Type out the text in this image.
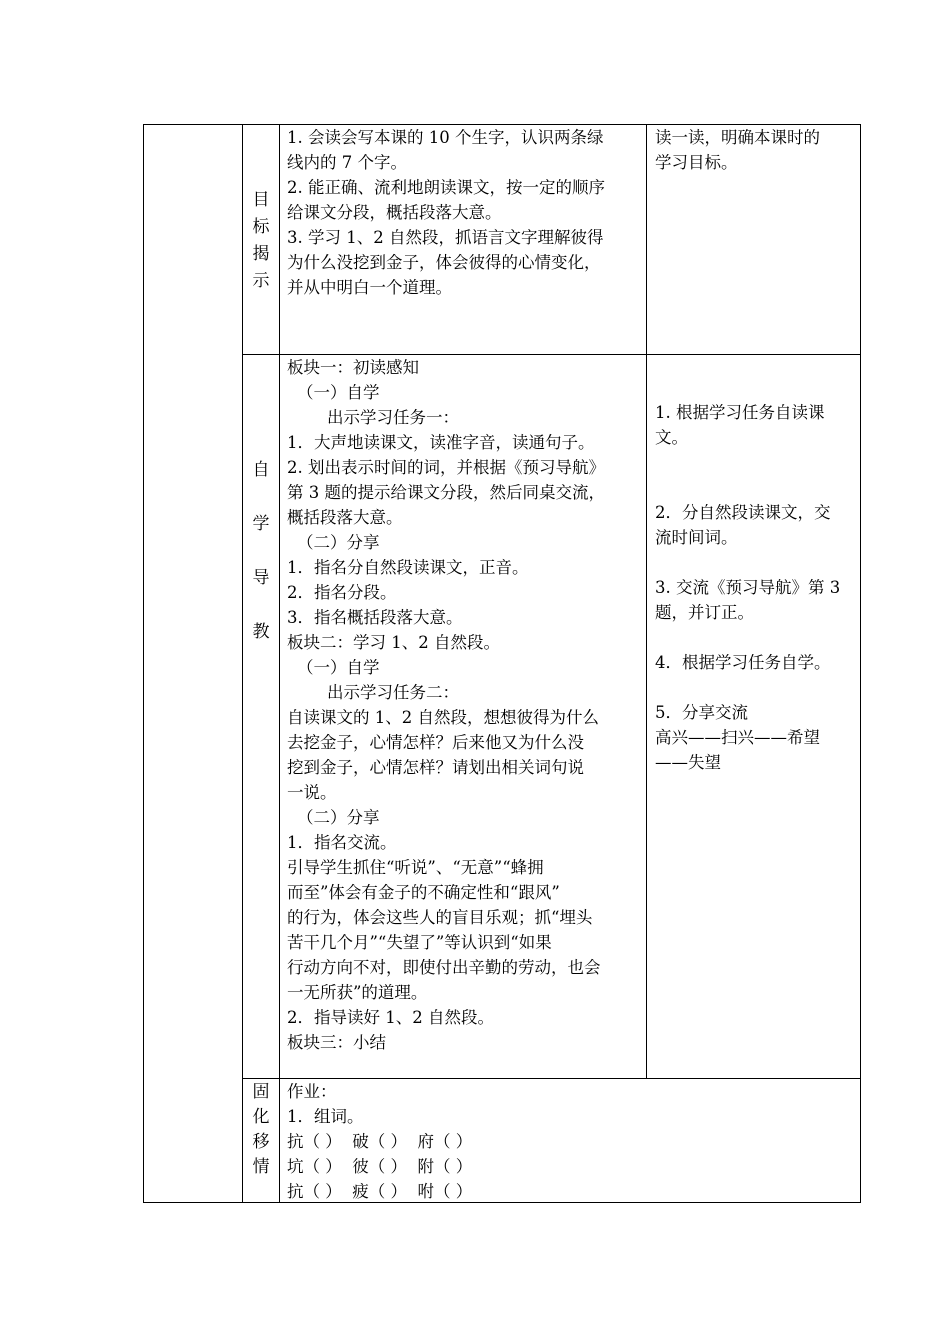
目
标
揭
示
1. 会读会写本课的 10 个生字，认识两条绿
线内的 7 个字。
2. 能正确、流利地朗读课文，按一定的顺序
给课文分段，概括段落大意。
3. 学习 1、2 自然段，抓语言文字理解彼得
为什么没挖到金子，体会彼得的心情变化，
并从中明白一个道理。
读一读，明确本课时的
学习目标。
自
学
导
教
板块一：初读感知
（一）自学
出示学习任务一：
1．大声地读课文，读准字音，读通句子。
2. 划出表示时间的词，并根据《预习导航》
第 3 题的提示给课文分段，然后同桌交流，
概括段落大意。
（二）分享
1．指名分自然段读课文，正音。
2．指名分段。
3．指名概括段落大意。
板块二：学习 1、2 自然段。
（一）自学
出示学习任务二：
自读课文的 1、2 自然段，想想彼得为什么
去挖金子，心情怎样？后来他又为什么没
挖到金子，心情怎样？请划出相关词句说
一说。
（二）分享
1．指名交流。
引导学生抓住“听说”、“无意”“蜂拥
而至”体会有金子的不确定性和“跟风”
的行为，体会这些人的盲目乐观；抓“埋头
苦干几个月”“失望了”等认识到“如果
行动方向不对，即使付出辛勤的劳动，也会
一无所获”的道理。
2．指导读好 1、2 自然段。
板块三：小结
1. 根据学习任务自读课
文。
2．分自然段读课文，交
流时间词。
3. 交流《预习导航》第 3
题，并订正。
4．根据学习任务自学。
5．分享交流
高兴——扫兴——希望
——失望
固
化
移
情
作业：
1．组词。
抗（ ）  破（ ）  府（ ）
坑（ ）  彼（ ）  附（ ）
抗（ ）  疲（ ）  咐（ ）
